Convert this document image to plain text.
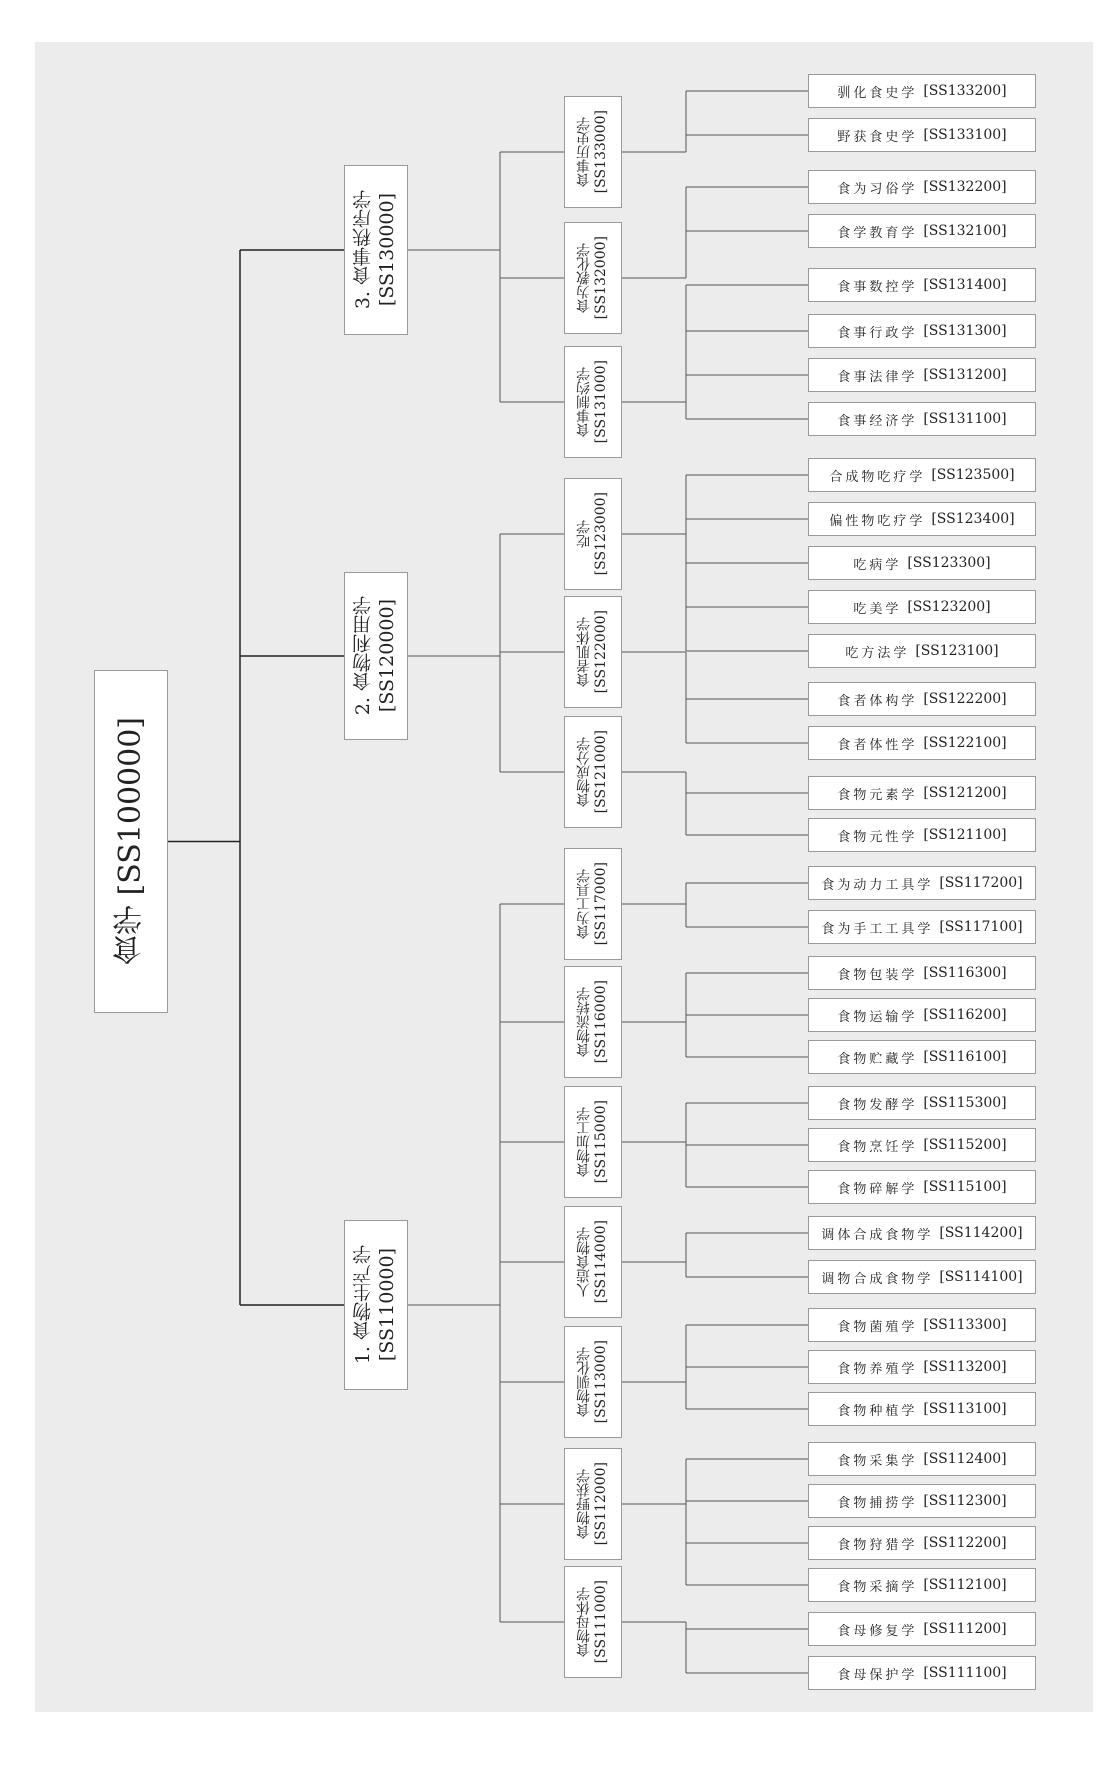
食学 [SS100000]
3. 食事秩序学 [SS130000]
2. 食物利用学 [SS120000]
1. 食物生产学 [SS110000]
食事历史学 [SS133000]
食为教化学 [SS132000]
食事制约学 [SS131000]
吃学 [SS123000]
食者肌体学 [SS122000]
食物成分学 [SS121000]
食为工具学 [SS117000]
食物流转学 [SS116000]
食物加工学 [SS115000]
人造食物学 [SS114000]
食物驯化学 [SS113000]
食物野获学 [SS112000]
食物母体学 [SS111000]
驯化食史学 [SS133200]
野获食史学 [SS133100]
食为习俗学 [SS132200]
食学教育学 [SS132100]
食事数控学 [SS131400]
食事行政学 [SS131300]
食事法律学 [SS131200]
食事经济学 [SS131100]
合成物吃疗学 [SS123500]
偏性物吃疗学 [SS123400]
吃病学 [SS123300]
吃美学 [SS123200]
吃方法学 [SS123100]
食者体构学 [SS122200]
食者体性学 [SS122100]
食物元素学 [SS121200]
食物元性学 [SS121100]
食为动力工具学 [SS117200]
食为手工工具学 [SS117100]
食物包装学 [SS116300]
食物运输学 [SS116200]
食物贮藏学 [SS116100]
食物发酵学 [SS115300]
食物烹饪学 [SS115200]
食物碎解学 [SS115100]
调体合成食物学 [SS114200]
调物合成食物学 [SS114100]
食物菌殖学 [SS113300]
食物养殖学 [SS113200]
食物种植学 [SS113100]
食物采集学 [SS112400]
食物捕捞学 [SS112300]
食物狩猎学 [SS112200]
食物采摘学 [SS112100]
食母修复学 [SS111200]
食母保护学 [SS111100]
